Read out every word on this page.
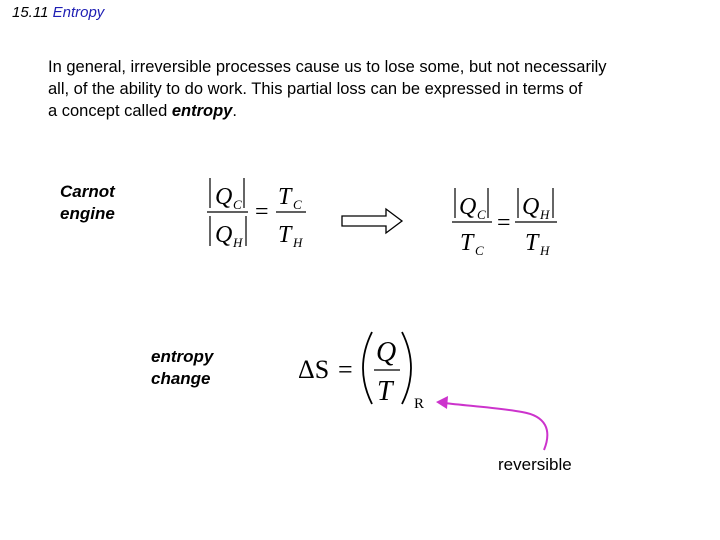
15.11 Entropy
In general, irreversible processes cause us to lose some, but not necessarily
all, of the ability to do work. This partial loss can be expressed in terms of
a concept called entropy.
Carnot
engine
Q C
Q H
=
T C
T H
Q C
T C
=
Q H
T H
entropy
change	ΔS =
Q
T R
reversible
